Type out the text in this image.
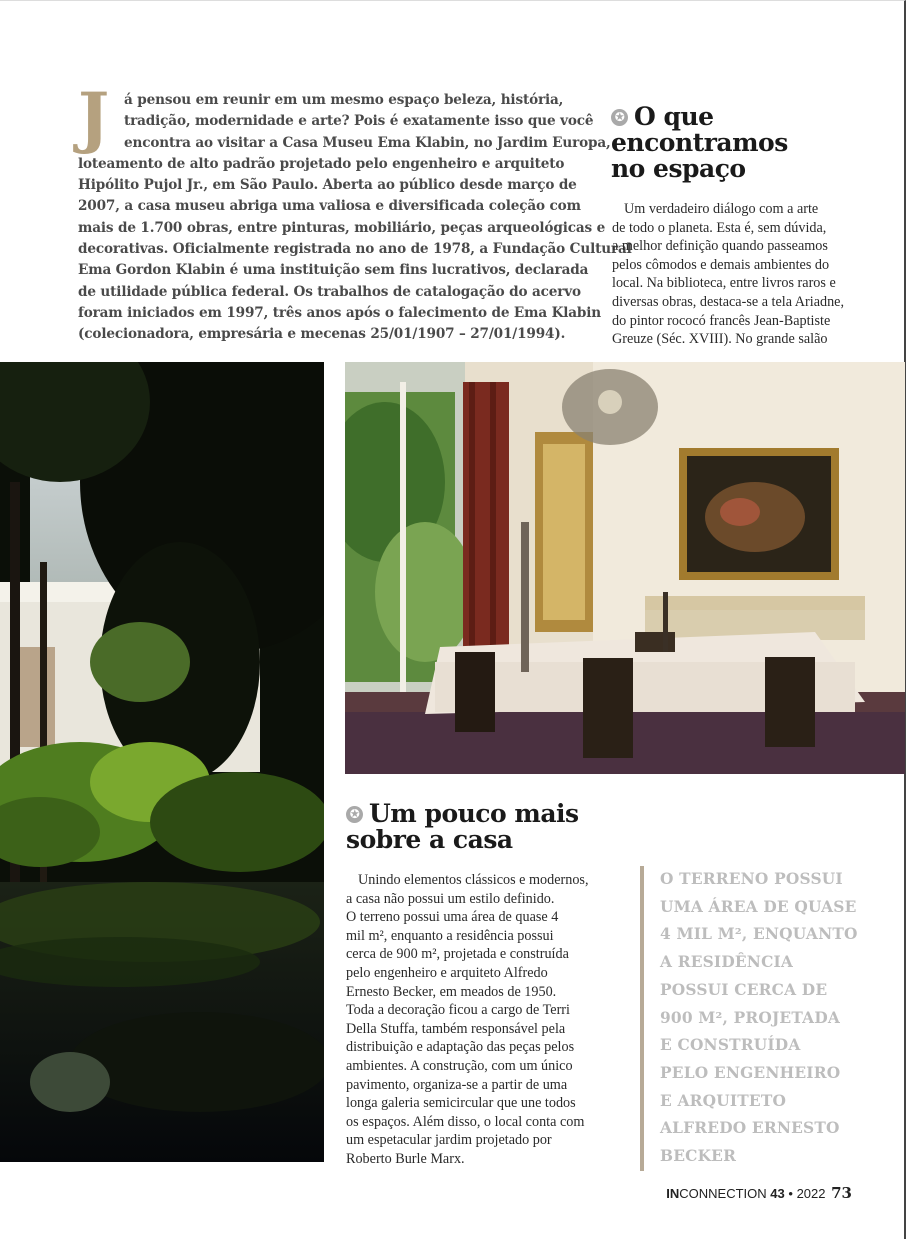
J	á pensou em reunir em um mesmo espaço beleza, história,
tradição, modernidade e arte? Pois é exatamente isso que você
encontra ao visitar a Casa Museu Ema Klabin, no Jardim Europa,
loteamento de alto padrão projetado pelo engenheiro e arquiteto
Hipólito Pujol Jr., em São Paulo. Aberta ao público desde março de
2007, a casa museu abriga uma valiosa e diversificada coleção com
mais de 1.700 obras, entre pinturas, mobiliário, peças arqueológicas e
decorativas. Oficialmente registrada no ano de 1978, a Fundação Cultural
Ema Gordon Klabin é uma instituição sem fins lucrativos, declarada
de utilidade pública federal. Os trabalhos de catalogação do acervo
foram iniciados em 1997, três anos após o falecimento de Ema Klabin
(colecionadora, empresária e mecenas 25/01/1907 – 27/01/1994).
✪ O que
encontramos
no espaço
Um verdadeiro diálogo com a arte
de todo o planeta. Esta é, sem dúvida,
a melhor definição quando passeamos
pelos cômodos e demais ambientes do
local. Na biblioteca, entre livros raros e
diversas obras, destaca-se a tela Ariadne,
do pintor rococó francês Jean-Baptiste
Greuze (Séc. XVIII). No grande salão
✪ Um pouco mais
sobre a casa
Unindo elementos clássicos e modernos,
a casa não possui um estilo definido.
O terreno possui uma área de quase 4
mil m², enquanto a residência possui
cerca de 900 m², projetada e construída
pelo engenheiro e arquiteto Alfredo
Ernesto Becker, em meados de 1950.
Toda a decoração ficou a cargo de Terri
Della Stuffa, também responsável pela
distribuição e adaptação das peças pelos
ambientes. A construção, com um único
pavimento, organiza-se a partir de uma
longa galeria semicircular que une todos
os espaços. Além disso, o local conta com
um espetacular jardim projetado por
Roberto Burle Marx.
O TERRENO POSSUI
UMA ÁREA DE QUASE
4 MIL M², ENQUANTO
A RESIDÊNCIA
POSSUI CERCA DE
900 M², PROJETADA
E CONSTRUÍDA
PELO ENGENHEIRO
E ARQUITETO
ALFREDO ERNESTO
BECKER
INCONNECTION 43 • 2022 73
